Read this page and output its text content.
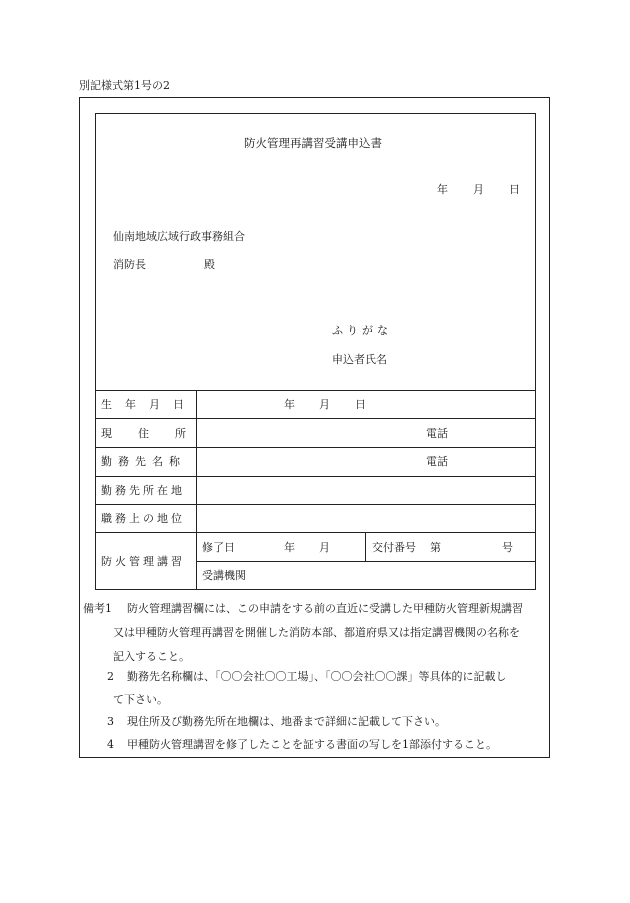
別記様式第1号の2
防火管理再講習受講申込書
年 月 日
仙南地域広域行政事務組合
消防長	殿
ふりがな
申込者氏名
生年月日	年 月 日
現住所	電話
勤務先名称	電話
勤務先所在地
職務上の地位
防火管理講習
修了日	年 月	交付番号 第	号
受講機関
備考1 防火管理講習欄には、この申請をする前の直近に受講した甲種防火管理新規講習
又は甲種防火管理再講習を開催した消防本部、都道府県又は指定講習機関の名称を
記入すること。
2 勤務先名称欄は、「〇〇会社〇〇工場」、「〇〇会社〇〇課」等具体的に記載し
て下さい。
3 現住所及び勤務先所在地欄は、地番まで詳細に記載して下さい。
4 甲種防火管理講習を修了したことを証する書面の写しを1部添付すること。
